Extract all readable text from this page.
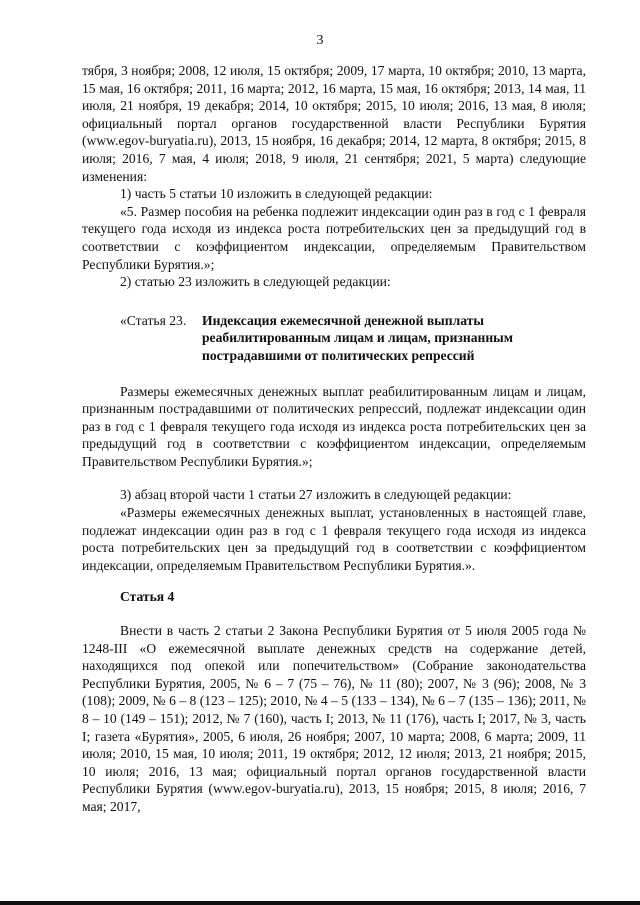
3

тября, 3 ноября; 2008, 12 июля, 15 октября; 2009, 17 марта, 10 октября; 2010, 13 марта, 15 мая, 16 октября; 2011, 16 марта; 2012, 16 марта, 15 мая, 16 октября; 2013, 14 мая, 11 июля, 21 ноября, 19 декабря; 2014, 10 октября; 2015, 10 июля; 2016, 13 мая, 8 июля; официальный портал органов государственной власти Республики Бурятия (www.egov-buryatia.ru), 2013, 15 ноября, 16 декабря; 2014, 12 марта, 8 октября; 2015, 8 июля; 2016, 7 мая, 4 июля; 2018, 9 июля, 21 сентября; 2021, 5 марта) следующие изменения:

1) часть 5 статьи 10 изложить в следующей редакции:

«5. Размер пособия на ребенка подлежит индексации один раз в год с 1 февраля текущего года исходя из индекса роста потребительских цен за предыдущий год в соответствии с коэффициентом индексации, определяемым Правительством Республики Бурятия.»;

2) статью 23 изложить в следующей редакции:

«Статья 23. Индексация ежемесячной денежной выплаты реабилитированным лицам и лицам, признанным пострадавшими от политических репрессий

Размеры ежемесячных денежных выплат реабилитированным лицам и лицам, признанным пострадавшими от политических репрессий, подлежат индексации один раз в год с 1 февраля текущего года исходя из индекса роста потребительских цен за предыдущий год в соответствии с коэффициентом индексации, определяемым Правительством Республики Бурятия.»;

3) абзац второй части 1 статьи 27 изложить в следующей редакции:

«Размеры ежемесячных денежных выплат, установленных в настоящей главе, подлежат индексации один раз в год с 1 февраля текущего года исходя из индекса роста потребительских цен за предыдущий год в соответствии с коэффициентом индексации, определяемым Правительством Республики Бурятия.».

Статья 4

Внести в часть 2 статьи 2 Закона Республики Бурятия от 5 июля 2005 года № 1248-III «О ежемесячной выплате денежных средств на содержание детей, находящихся под опекой или попечительством» (Собрание законодательства Республики Бурятия, 2005, № 6 – 7 (75 – 76), № 11 (80); 2007, № 3 (96); 2008, № 3 (108); 2009, № 6 – 8 (123 – 125); 2010, № 4 – 5 (133 – 134), № 6 – 7 (135 – 136); 2011, № 8 – 10 (149 – 151); 2012, № 7 (160), часть I; 2013, № 11 (176), часть I; 2017, № 3, часть I; газета «Бурятия», 2005, 6 июля, 26 ноября; 2007, 10 марта; 2008, 6 марта; 2009, 11 июля; 2010, 15 мая, 10 июля; 2011, 19 октября; 2012, 12 июля; 2013, 21 ноября; 2015, 10 июля; 2016, 13 мая; официальный портал органов государственной власти Республики Бурятия (www.egov-buryatia.ru), 2013, 15 ноября; 2015, 8 июля; 2016, 7 мая; 2017,
